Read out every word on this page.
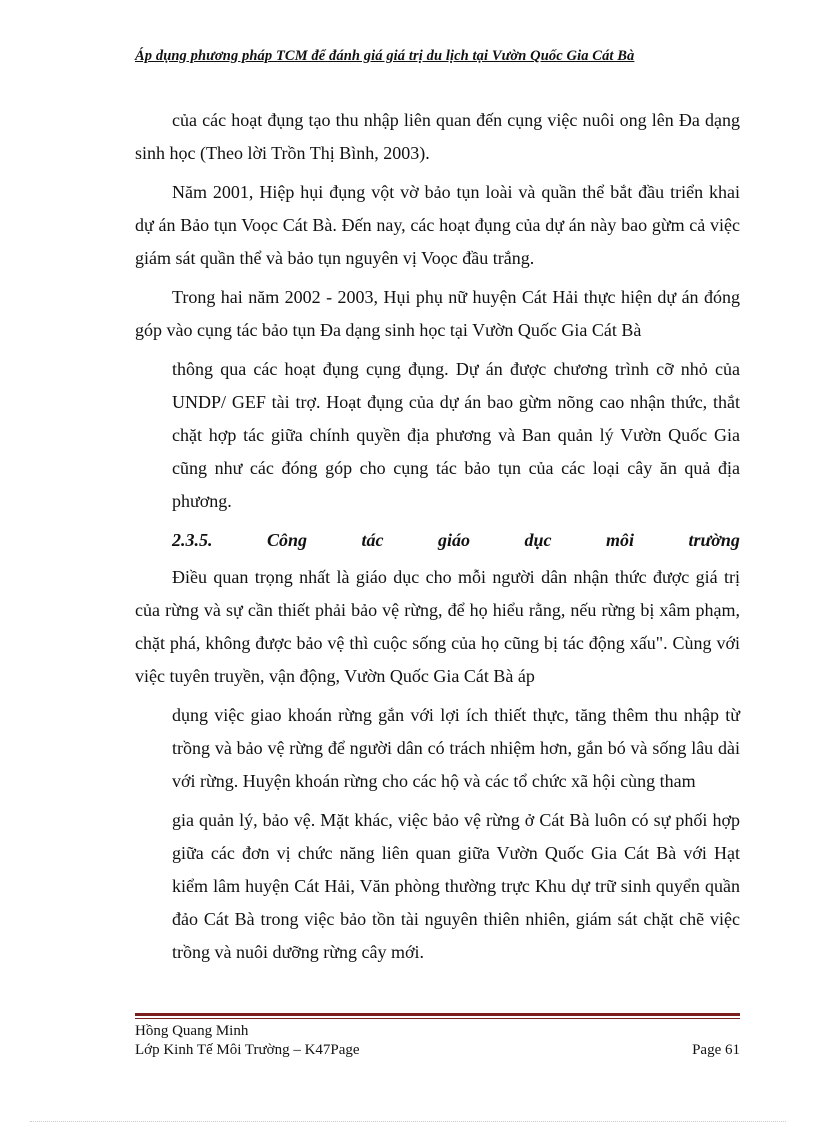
Áp dụng phương pháp TCM để đánh giá giá trị du lịch tại Vườn Quốc Gia Cát Bà

của các hoạt đụng tạo thu nhập liên quan đến cụng việc nuôi ong lên Đa dạng sinh học (Theo lời Trồn Thị Bình, 2003).

Năm 2001, Hiệp hụi đụng vột vờ bảo tụn loài và quần thể bắt đầu triển khai dự án Bảo tụn Voọc Cát Bà. Đến nay, các hoạt đụng của dự án này bao gừm cả việc giám sát quần thể và bảo tụn nguyên vị Voọc đầu trắng.

Trong hai năm 2002 - 2003, Hụi phụ nữ huyện Cát Hải thực hiện dự án đóng góp vào cụng tác bảo tụn Đa dạng sinh học tại Vườn Quốc Gia Cát Bà

thông qua các hoạt đụng cụng đụng. Dự án được chương trình cỡ nhỏ của UNDP/ GEF tài trợ. Hoạt đụng của dự án bao gừm nõng cao nhận thức, thắt chặt hợp tác giữa chính quyền địa phương và Ban quản lý Vườn Quốc Gia cũng như các đóng góp cho cụng tác bảo tụn của các loại cây ăn quả địa phương.

2.3.5.	Công	tác	giáo	dục	môi	trường

Điều quan trọng nhất là giáo dục cho mỗi người dân nhận thức được giá trị của rừng và sự cần thiết phải bảo vệ rừng, để họ hiểu rằng, nếu rừng bị xâm phạm, chặt phá, không được bảo vệ thì cuộc sống của họ cũng bị tác động xấu". Cùng với việc tuyên truyền, vận động, Vườn Quốc Gia Cát Bà áp

dụng việc giao khoán rừng gắn với lợi ích thiết thực, tăng thêm thu nhập từ trồng và bảo vệ rừng để người dân có trách nhiệm hơn, gắn bó và sống lâu dài với rừng. Huyện khoán rừng cho các hộ và các tổ chức xã hội cùng tham

gia quản lý, bảo vệ. Mặt khác, việc bảo vệ rừng ở Cát Bà luôn có sự phối hợp giữa các đơn vị chức năng liên quan giữa Vườn Quốc Gia Cát Bà với Hạt kiểm lâm huyện Cát Hải, Văn phòng thường trực Khu dự trữ sinh quyển quần đảo Cát Bà trong việc bảo tồn tài nguyên thiên nhiên, giám sát chặt chẽ việc trồng và nuôi dưỡng rừng cây mới.

Hồng Quang Minh
Lớp Kinh Tế Môi Trường – K47Page	Page 61
